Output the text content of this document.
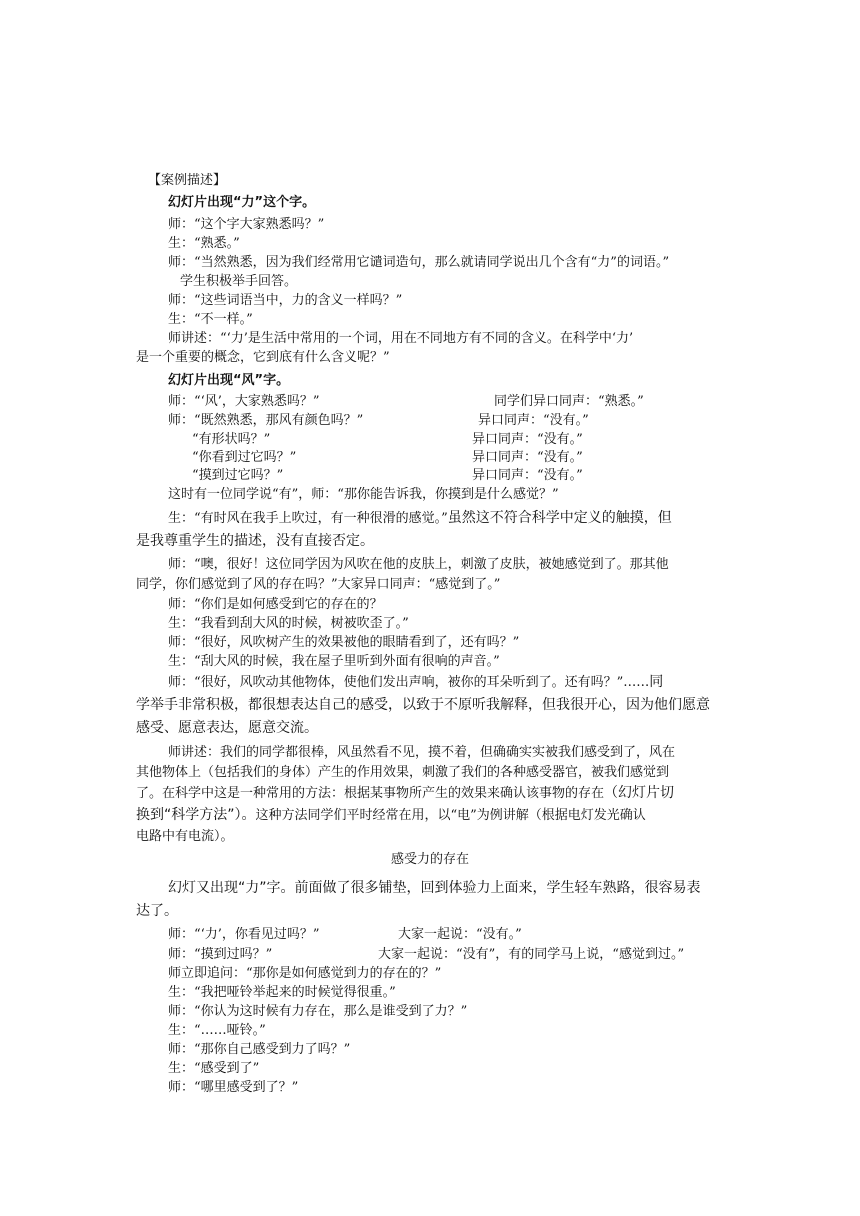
【案例描述】
幻灯片出现“力”这个字。
师：“这个字大家熟悉吗？”
生：“熟悉。”
师：“当然熟悉，因为我们经常用它谴词造句，那么就请同学说出几个含有“力”的词语。”
学生积极举手回答。
师：“这些词语当中，力的含义一样吗？”
生：“不一样。”
师讲述：“‘力’是生活中常用的一个词，用在不同地方有不同的含义。在科学中‘力’
是一个重要的概念，它到底有什么含义呢？”
幻灯片出现“风”字。
师：“‘风’，大家熟悉吗？”	同学们异口同声：“熟悉。”
师：“既然熟悉，那风有颜色吗？”	异口同声：“没有。”
“有形状吗？”	异口同声：“没有。”
“你看到过它吗？”	异口同声：“没有。”
“摸到过它吗？”	异口同声：“没有。”
这时有一位同学说“有”，师：“那你能告诉我，你摸到是什么感觉？”
生：“有时风在我手上吹过，有一种很滑的感觉。”虽然这不符合科学中定义的触摸，但
是我尊重学生的描述，没有直接否定。
师：“噢，很好！这位同学因为风吹在他的皮肤上，刺激了皮肤，被她感觉到了。那其他
同学，你们感觉到了风的存在吗？”大家异口同声：“感觉到了。”
师：“你们是如何感受到它的存在的？
生：“我看到刮大风的时候，树被吹歪了。”
师：“很好，风吹树产生的效果被他的眼睛看到了，还有吗？”
生：“刮大风的时候，我在屋子里听到外面有很响的声音。”
师：“很好，风吹动其他物体，使他们发出声响，被你的耳朵听到了。还有吗？”……同
学举手非常积极，都很想表达自己的感受，以致于不原听我解释，但我很开心，因为他们愿意
感受、愿意表达，愿意交流。
师讲述：我们的同学都很棒，风虽然看不见，摸不着，但确确实实被我们感受到了，风在
其他物体上（包括我们的身体）产生的作用效果，刺激了我们的各种感受器官，被我们感觉到
了。在科学中这是一种常用的方法：根据某事物所产生的效果来确认该事物的存在（幻灯片切
换到“科学方法”）。这种方法同学们平时经常在用，以“电”为例讲解（根据电灯发光确认
电路中有电流）。
感受力的存在
幻灯又出现“力”字。前面做了很多铺垫，回到体验力上面来，学生轻车熟路，很容易表
达了。
师：“‘力’，你看见过吗？”	大家一起说：“没有。”
师：“摸到过吗？”	大家一起说：“没有”，有的同学马上说，“感觉到过。”
师立即追问：“那你是如何感觉到力的存在的？”
生：“我把哑铃举起来的时候觉得很重。”
师：“你认为这时候有力存在，那么是谁受到了力？”
生：“……哑铃。”
师：“那你自己感受到力了吗？”
生：“感受到了”
师：“哪里感受到了？”
